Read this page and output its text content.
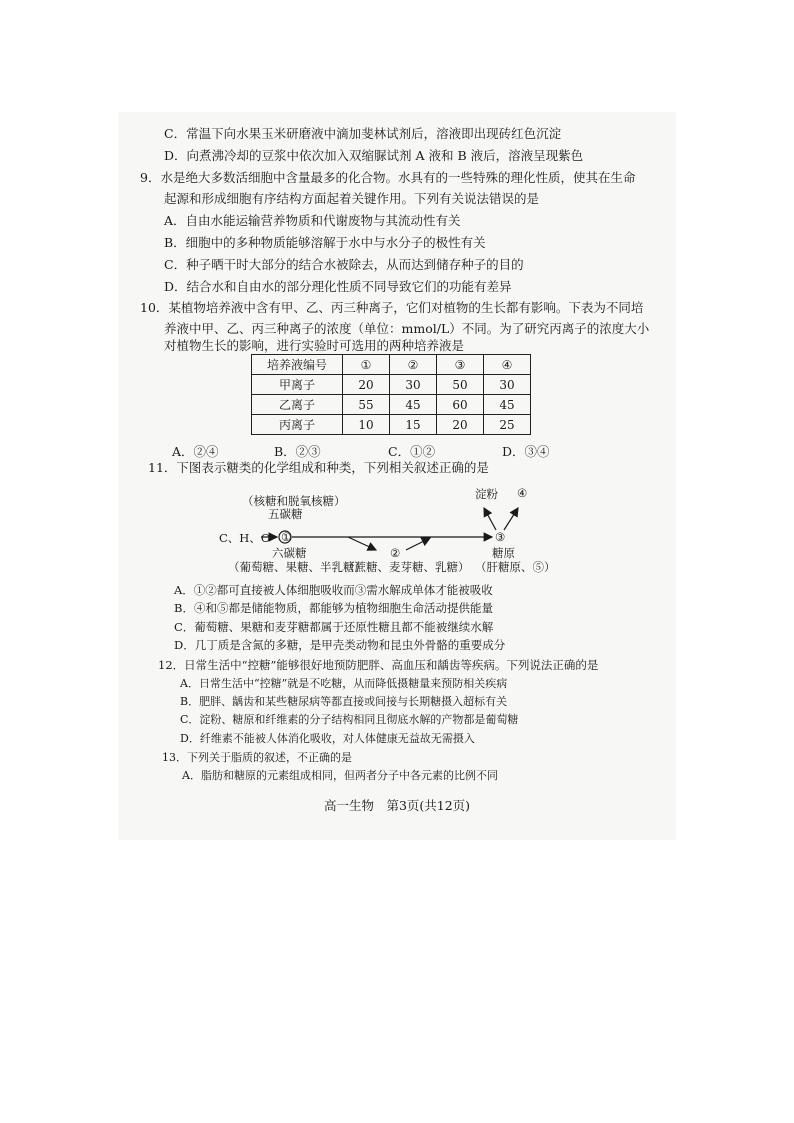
C．常温下向水果玉米研磨液中滴加斐林试剂后，溶液即出现砖红色沉淀
D．向煮沸冷却的豆浆中依次加入双缩脲试剂 A 液和 B 液后，溶液呈现紫色
9．水是绝大多数活细胞中含量最多的化合物。水具有的一些特殊的理化性质，使其在生命
起源和形成细胞有序结构方面起着关键作用。下列有关说法错误的是
A．自由水能运输营养物质和代谢废物与其流动性有关
B．细胞中的多种物质能够溶解于水中与水分子的极性有关
C．种子晒干时大部分的结合水被除去，从而达到储存种子的目的
D．结合水和自由水的部分理化性质不同导致它们的功能有差异
10．某植物培养液中含有甲、乙、丙三种离子，它们对植物的生长都有影响。下表为不同培
养液中甲、乙、丙三种离子的浓度（单位：mmol/L）不同。为了研究丙离子的浓度大小
对植物生长的影响，进行实验时可选用的两种培养液是
培养液编号	①	②	③	④
甲离子	20	30	50	30
乙离子	55	45	60	45
丙离子	10	15	20	25
A．②④	B．②③	C．①②	D．③④
11．下图表示糖类的化学组成和种类，下列相关叙述正确的是
（核糖和脱氧核糖）
五碳糖
C、H、O ①
六碳糖
（葡萄糖、果糖、半乳糖）
②
（蔗糖、麦芽糖、乳糖）
③
淀粉 ④
糖原
（肝糖原、⑤）
A．①②都可直接被人体细胞吸收而③需水解成单体才能被吸收
B．④和⑤都是储能物质，都能够为植物细胞生命活动提供能量
C．葡萄糖、果糖和麦芽糖都属于还原性糖且都不能被继续水解
D．几丁质是含氮的多糖，是甲壳类动物和昆虫外骨骼的重要成分
12．日常生活中“控糖”能够很好地预防肥胖、高血压和龋齿等疾病。下列说法正确的是
A．日常生活中“控糖”就是不吃糖，从而降低摄糖量来预防相关疾病
B．肥胖、龋齿和某些糖尿病等都直接或间接与长期糖摄入超标有关
C．淀粉、糖原和纤维素的分子结构相同且彻底水解的产物都是葡萄糖
D．纤维素不能被人体消化吸收，对人体健康无益故无需摄入
13．下列关于脂质的叙述，不正确的是
A．脂肪和糖原的元素组成相同，但两者分子中各元素的比例不同
高一生物　第3页(共12页)
